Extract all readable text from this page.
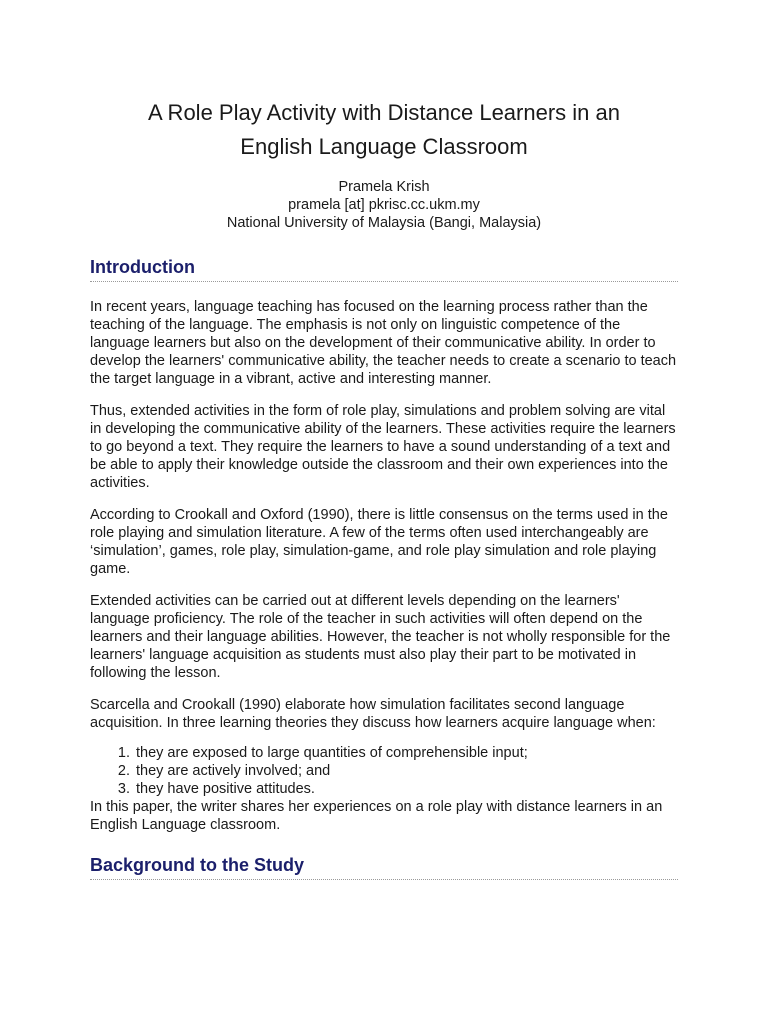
A Role Play Activity with Distance Learners in an
English Language Classroom
Pramela Krish
pramela [at] pkrisc.cc.ukm.my
National University of Malaysia (Bangi, Malaysia)
Introduction

In recent years, language teaching has focused on the learning process rather than the teaching of the language. The emphasis is not only on linguistic competence of the language learners but also on the development of their communicative ability. In order to develop the learners' communicative ability, the teacher needs to create a scenario to teach the target language in a vibrant, active and interesting manner.

Thus, extended activities in the form of role play, simulations and problem solving are vital in developing the communicative ability of the learners. These activities require the learners to go beyond a text. They require the learners to have a sound understanding of a text and be able to apply their knowledge outside the classroom and their own experiences into the activities.

According to Crookall and Oxford (1990), there is little consensus on the terms used in the role playing and simulation literature. A few of the terms often used interchangeably are ‘simulation’, games, role play, simulation-game, and role play simulation and role playing game.

Extended activities can be carried out at different levels depending on the learners' language proficiency. The role of the teacher in such activities will often depend on the learners and their language abilities. However, the teacher is not wholly responsible for the learners' language acquisition as students must also play their part to be motivated in following the lesson.

Scarcella and Crookall (1990) elaborate how simulation facilitates second language acquisition. In three learning theories they discuss how learners acquire language when:

1. they are exposed to large quantities of comprehensible input;
2. they are actively involved; and
3. they have positive attitudes.

In this paper, the writer shares her experiences on a role play with distance learners in an English Language classroom.

Background to the Study
